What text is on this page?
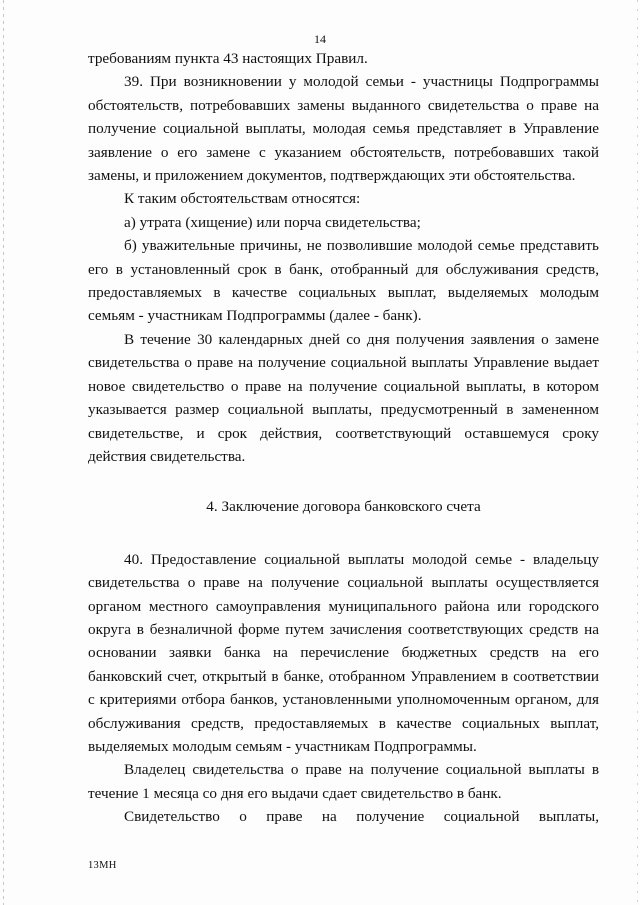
14

требованиям пункта 43 настоящих Правил.

39. При возникновении у молодой семьи - участницы Подпрограммы обстоятельств, потребовавших замены выданного свидетельства о праве на получение социальной выплаты, молодая семья представляет в Управление заявление о его замене с указанием обстоятельств, потребовавших такой замены, и приложением документов, подтверждающих эти обстоятельства.

К таким обстоятельствам относятся:

а) утрата (хищение) или порча свидетельства;

б) уважительные причины, не позволившие молодой семье представить его в установленный срок в банк, отобранный для обслуживания средств, предоставляемых в качестве социальных выплат, выделяемых молодым семьям - участникам Подпрограммы (далее - банк).

В течение 30 календарных дней со дня получения заявления о замене свидетельства о праве на получение социальной выплаты Управление выдает новое свидетельство о праве на получение социальной выплаты, в котором указывается размер социальной выплаты, предусмотренный в замененном свидетельстве, и срок действия, соответствующий оставшемуся сроку действия свидетельства.

4. Заключение договора банковского счета

40. Предоставление социальной выплаты молодой семье - владельцу свидетельства о праве на получение социальной выплаты осуществляется органом местного самоуправления муниципального района или городского округа в безналичной форме путем зачисления соответствующих средств на основании заявки банка на перечисление бюджетных средств на его банковский счет, открытый в банке, отобранном Управлением в соответствии с критериями отбора банков, установленными уполномоченным органом, для обслуживания средств, предоставляемых в качестве социальных выплат, выделяемых молодым семьям - участникам Подпрограммы.

Владелец свидетельства о праве на получение социальной выплаты в течение 1 месяца со дня его выдачи сдает свидетельство в банк.

Свидетельство о праве на получение социальной выплаты,

13МН
